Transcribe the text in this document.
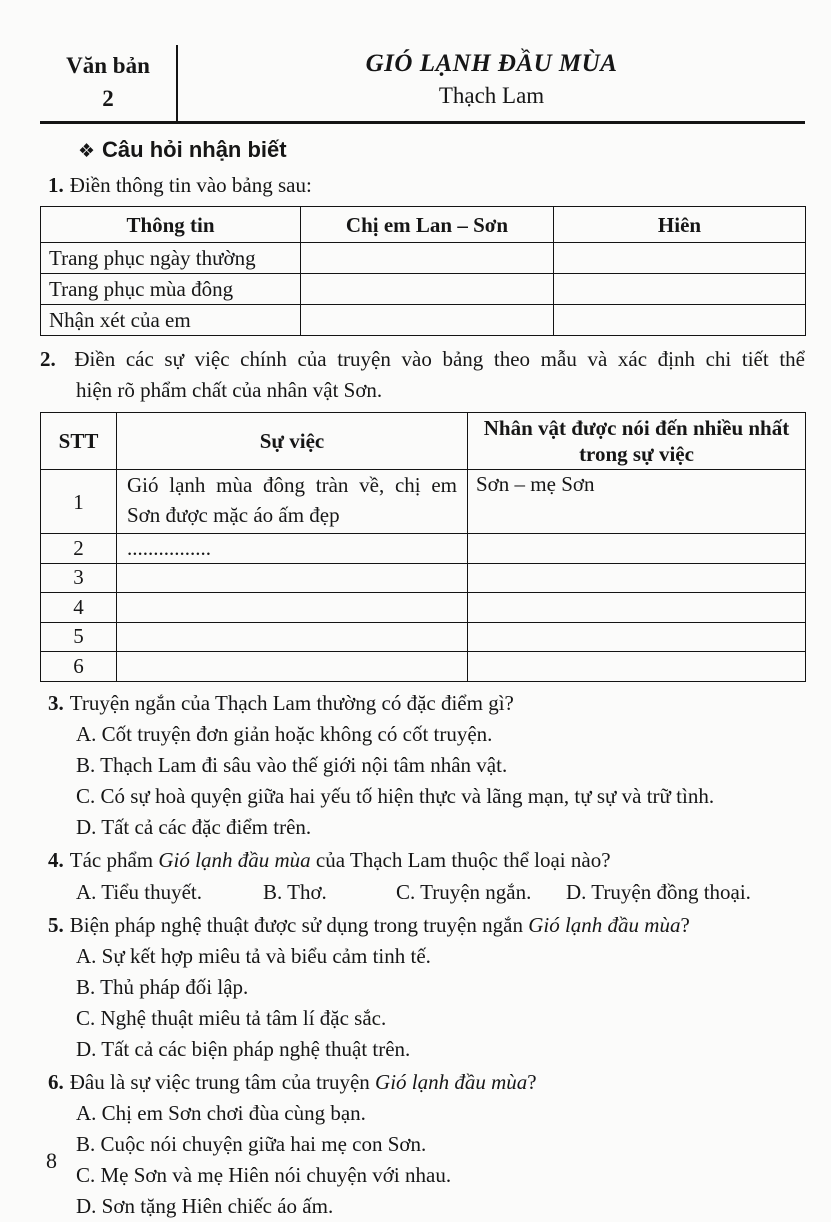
Văn bản
2
GIÓ LẠNH ĐẦU MÙA
Thạch Lam
❖ Câu hỏi nhận biết
1. Điền thông tin vào bảng sau:
Thông tin	Chị em Lan – Sơn	Hiên
Trang phục ngày thường		
Trang phục mùa đông		
Nhận xét của em		
2. Điền các sự việc chính của truyện vào bảng theo mẫu và xác định chi tiết thể
hiện rõ phẩm chất của nhân vật Sơn.
STT	Sự việc	Nhân vật được nói đến nhiều nhất trong sự việc
1	Gió lạnh mùa đông tràn về, chị em
Sơn được mặc áo ấm đẹp	Sơn – mẹ Sơn
2	................	
3		
4		
5		
6		
3. Truyện ngắn của Thạch Lam thường có đặc điểm gì?
A. Cốt truyện đơn giản hoặc không có cốt truyện.
B. Thạch Lam đi sâu vào thế giới nội tâm nhân vật.
C. Có sự hoà quyện giữa hai yếu tố hiện thực và lãng mạn, tự sự và trữ tình.
D. Tất cả các đặc điểm trên.
4. Tác phẩm Gió lạnh đầu mùa của Thạch Lam thuộc thể loại nào?
A. Tiểu thuyết.	B. Thơ.	C. Truyện ngắn. D. Truyện đồng thoại.
5. Biện pháp nghệ thuật được sử dụng trong truyện ngắn Gió lạnh đầu mùa?
A. Sự kết hợp miêu tả và biểu cảm tinh tế.
B. Thủ pháp đối lập.
C. Nghệ thuật miêu tả tâm lí đặc sắc.
D. Tất cả các biện pháp nghệ thuật trên.
6. Đâu là sự việc trung tâm của truyện Gió lạnh đầu mùa?
A. Chị em Sơn chơi đùa cùng bạn.
B. Cuộc nói chuyện giữa hai mẹ con Sơn.
C. Mẹ Sơn và mẹ Hiên nói chuyện với nhau.
D. Sơn tặng Hiên chiếc áo ấm.
8
